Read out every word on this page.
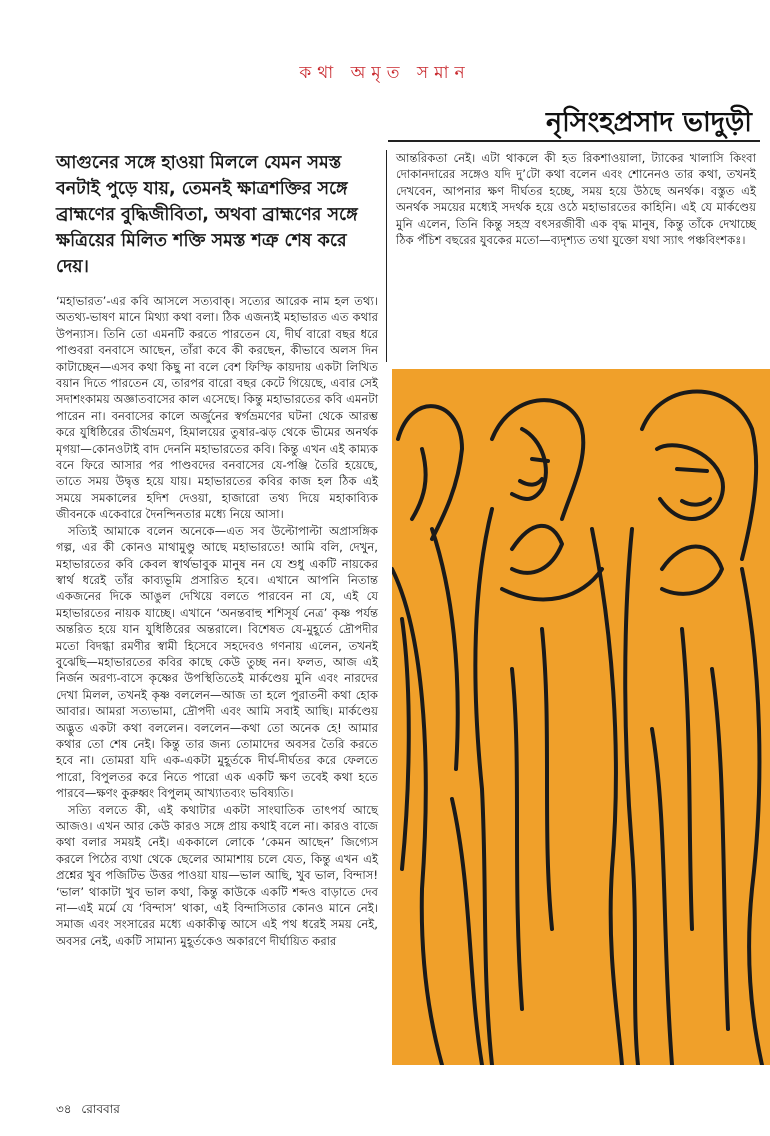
কথা অমৃত সমান
নৃসিংহপ্রসাদ ভাদুড়ী
আগুনের সঙ্গে হাওয়া মিললে যেমন সমস্ত বনটাই পুড়ে যায়, তেমনই ক্ষাত্রশক্তির সঙ্গে ব্রাহ্মণের বুদ্ধিজীবিতা, অথবা ব্রাহ্মণের সঙ্গে ক্ষত্রিয়ের মিলিত শক্তি সমস্ত শত্রু শেষ করে দেয়।

‘মহাভারত’-এর কবি আসলে সত্যবাক্। সত্যের আরেক নাম হল তথ্য। অতথ্য-ভাষণ মানে মিথ্যা কথা বলা। ঠিক এজন্যই মহাভারত এত কথার উপন্যাস। তিনি তো এমনটি করতে পারতেন যে, দীর্ঘ বারো বছর ধরে পাণ্ডবরা বনবাসে আছেন, তাঁরা কবে কী করছেন, কীভাবে অলস দিন কাটাচ্ছেন—এসব কথা কিছু না বলে বেশ ফিস্ফি কায়দায় একটা লিখিত বয়ান দিতে পারতেন যে, তারপর বারো বছর কেটে গিয়েছে, এবার সেই সদাশংকাময় অজ্ঞাতবাসের কাল এসেছে। কিন্তু মহাভারতের কবি এমনটা পারেন না। বনবাসের কালে অর্জুনের স্বর্গভ্রমণের ঘটনা থেকে আরম্ভ করে যুধিষ্ঠিরের তীর্থভ্রমণ, হিমালয়ের তুষার-ঝড় থেকে ভীমের অনর্থক মৃগয়া—কোনওটাই বাদ দেননি মহাভারতের কবি। কিন্তু এখন এই কাম্যক বনে ফিরে আসার পর পাণ্ডবদের বনবাসের যে-পঞ্জি তৈরি হয়েছে, তাতে সময় উদ্বৃত্ত হয়ে যায়। মহাভারতের কবির কাজ হল ঠিক এই সময়ে সমকালের হদিশ দেওয়া, হাজারো তথ্য দিয়ে মহাকাব্যিক জীবনকে একেবারে দৈনন্দিনতার মধ্যে নিয়ে আসা।

সত্যিই আমাকে বলেন অনেকে—এত সব উল্টোপাল্টা অপ্রাসঙ্গিক গল্প, এর কী কোনও মাথামুণ্ডু আছে মহাভারতে! আমি বলি, দেখুন, মহাভারতের কবি কেবল স্বার্থভাবুক মানুষ নন যে শুধু একটি নায়কের স্বার্থ ধরেই তাঁর কাব্যভূমি প্রসারিত হবে। এখানে আপনি নিতান্ত একজনের দিকে আঙুল দেখিয়ে বলতে পারবেন না যে, এই যে মহাভারতের নায়ক যাচ্ছে। এখানে ‘অনন্তবাহু শশিসূর্য নেত্র’ কৃষ্ণ পর্যন্ত অন্তরিত হয়ে যান যুধিষ্ঠিরের অন্তরালে। বিশেষত যে-মুহূর্তে দ্রৌপদীর মতো বিদগ্ধা রমণীর স্বামী হিসেবে সহদেবও গণনায় এলেন, তখনই বুঝেছি—মহাভারতের কবির কাছে কেউ তুচ্ছ নন। ফলত, আজ এই নির্জন অরণ্য-বাসে কৃষ্ণের উপস্থিতিতেই মার্কণ্ডেয় মুনি এবং নারদের দেখা মিলল, তখনই কৃষ্ণ বললেন—আজ তা হলে পুরাতনী কথা হোক আবার। আমরা সত্যভামা, দ্রৌপদী এবং আমি সবাই আছি। মার্কণ্ডেয় অদ্ভুত একটা কথা বললেন। বললেন—কথা তো অনেক হে! আমার কথার তো শেষ নেই। কিন্তু তার জন্য তোমাদের অবসর তৈরি করতে হবে না। তোমরা যদি এক-একটা মুহূর্তকে দীর্ঘ-দীর্ঘতর করে ফেলতে পারো, বিপুলতর করে নিতে পারো এক একটি ক্ষণ তবেই কথা হতে পারবে—ক্ষণং কুরুধ্বং বিপুলম্ আখ্যাতব্যং ভবিষ্যতি।

সত্যি বলতে কী, এই কথাটার একটা সাংঘাতিক তাৎপর্য আছে আজও। এখন আর কেউ কারও সঙ্গে প্রায় কথাই বলে না। কারও বাজে কথা বলার সময়ই নেই। এককালে লোকে ‘কেমন আছেন’ জিগ্যেস করলে পিঠের ব্যথা থেকে ছেলের আমাশায় চলে যেত, কিন্তু এখন এই প্রশ্নের খুব পজিটিভ উত্তর পাওয়া যায়—ভাল আছি, খুব ভাল, বিন্দাস! ‘ভাল’ থাকাটা খুব ভাল কথা, কিন্তু কাউকে একটি শব্দও বাড়াতে দেব না—এই মর্মে যে ‘বিন্দাস’ থাকা, এই বিন্দাসিতার কোনও মানে নেই। সমাজ এবং সংসারের মধ্যে একাকীত্ব আসে এই পথ ধরেই সময় নেই, অবসর নেই, একটি সামান্য মুহূর্তকেও অকারণে দীর্ঘায়িত করার

আন্তরিকতা নেই। এটা থাকলে কী হত রিকশাওয়ালা, ট্যাকের খালাসি কিংবা দোকানদারের সঙ্গেও যদি দু’টো কথা বলেন এবং শোনেনও তার কথা, তখনই দেখবেন, আপনার ক্ষণ দীর্ঘতর হচ্ছে, সময় হয়ে উঠছে অনর্থক। বস্তুত এই অনর্থক সময়ের মধ্যেই সদর্থক হয়ে ওঠে মহাভারতের কাহিনি। এই যে মার্কণ্ডেয় মুনি এলেন, তিনি কিন্তু সহস্র বৎসরজীবী এক বৃদ্ধ মানুষ, কিন্তু তাঁকে দেখাচ্ছে ঠিক পঁচিশ বছরের যুবকের মতো—ব্যদৃশ্যত তথা যুক্তো যথা স্যাৎ পঞ্চবিংশকঃ।

৩৪ রোববার
